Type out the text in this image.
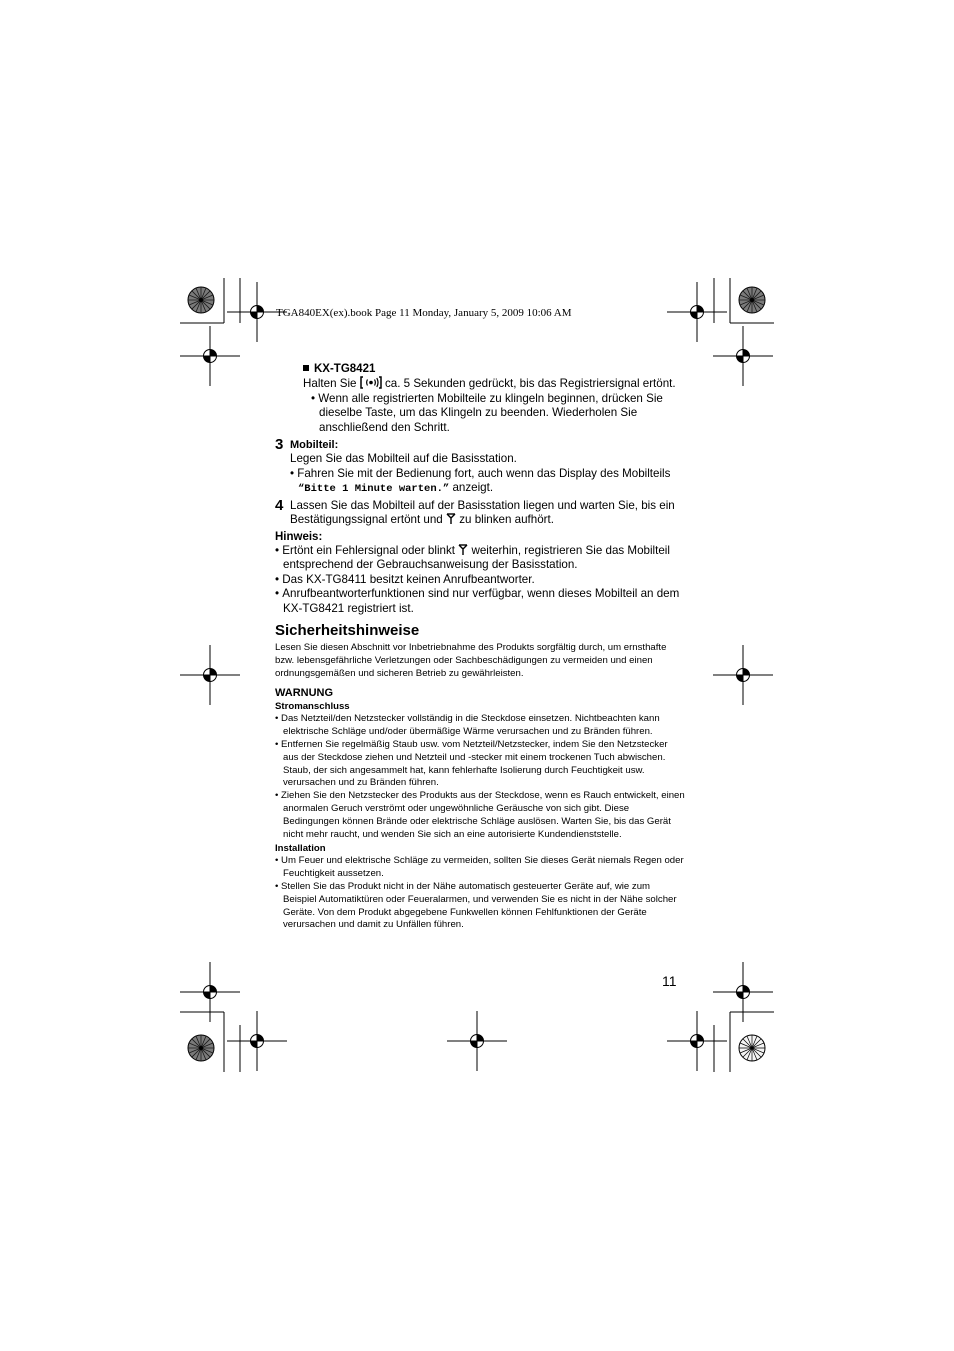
TGA840EX(ex).book Page 11 Monday, January 5, 2009 10:06 AM
KX-TG8421
Halten Sie ca. 5 Sekunden gedrückt, bis das Registriersignal ertönt.
• Wenn alle registrierten Mobilteile zu klingeln beginnen, drücken Sie dieselbe Taste, um das Klingeln zu beenden. Wiederholen Sie anschließend den Schritt.
3 Mobilteil:
Legen Sie das Mobilteil auf die Basisstation.
• Fahren Sie mit der Bedienung fort, auch wenn das Display des Mobilteils “Bitte 1 Minute warten.” anzeigt.
4 Lassen Sie das Mobilteil auf der Basisstation liegen und warten Sie, bis ein Bestätigungssignal ertönt und zu blinken aufhört.
Hinweis:
• Ertönt ein Fehlersignal oder blinkt weiterhin, registrieren Sie das Mobilteil entsprechend der Gebrauchsanweisung der Basisstation.
• Das KX-TG8411 besitzt keinen Anrufbeantworter.
• Anrufbeantworterfunktionen sind nur verfügbar, wenn dieses Mobilteil an dem KX-TG8421 registriert ist.
Sicherheitshinweise
Lesen Sie diesen Abschnitt vor Inbetriebnahme des Produkts sorgfältig durch, um ernsthafte bzw. lebensgefährliche Verletzungen oder Sachbeschädigungen zu vermeiden und einen ordnungsgemäßen und sicheren Betrieb zu gewährleisten.
WARNUNG
Stromanschluss
• Das Netzteil/den Netzstecker vollständig in die Steckdose einsetzen. Nichtbeachten kann elektrische Schläge und/oder übermäßige Wärme verursachen und zu Bränden führen.
• Entfernen Sie regelmäßig Staub usw. vom Netzteil/Netzstecker, indem Sie den Netzstecker aus der Steckdose ziehen und Netzteil und -stecker mit einem trockenen Tuch abwischen. Staub, der sich angesammelt hat, kann fehlerhafte Isolierung durch Feuchtigkeit usw. verursachen und zu Bränden führen.
• Ziehen Sie den Netzstecker des Produkts aus der Steckdose, wenn es Rauch entwickelt, einen anormalen Geruch verströmt oder ungewöhnliche Geräusche von sich gibt. Diese Bedingungen können Brände oder elektrische Schläge auslösen. Warten Sie, bis das Gerät nicht mehr raucht, und wenden Sie sich an eine autorisierte Kundendienststelle.
Installation
• Um Feuer und elektrische Schläge zu vermeiden, sollten Sie dieses Gerät niemals Regen oder Feuchtigkeit aussetzen.
• Stellen Sie das Produkt nicht in der Nähe automatisch gesteuerter Geräte auf, wie zum Beispiel Automatiktüren oder Feueralarmen, und verwenden Sie es nicht in der Nähe solcher Geräte. Von dem Produkt abgegebene Funkwellen können Fehlfunktionen der Geräte verursachen und damit zu Unfällen führen.
11
